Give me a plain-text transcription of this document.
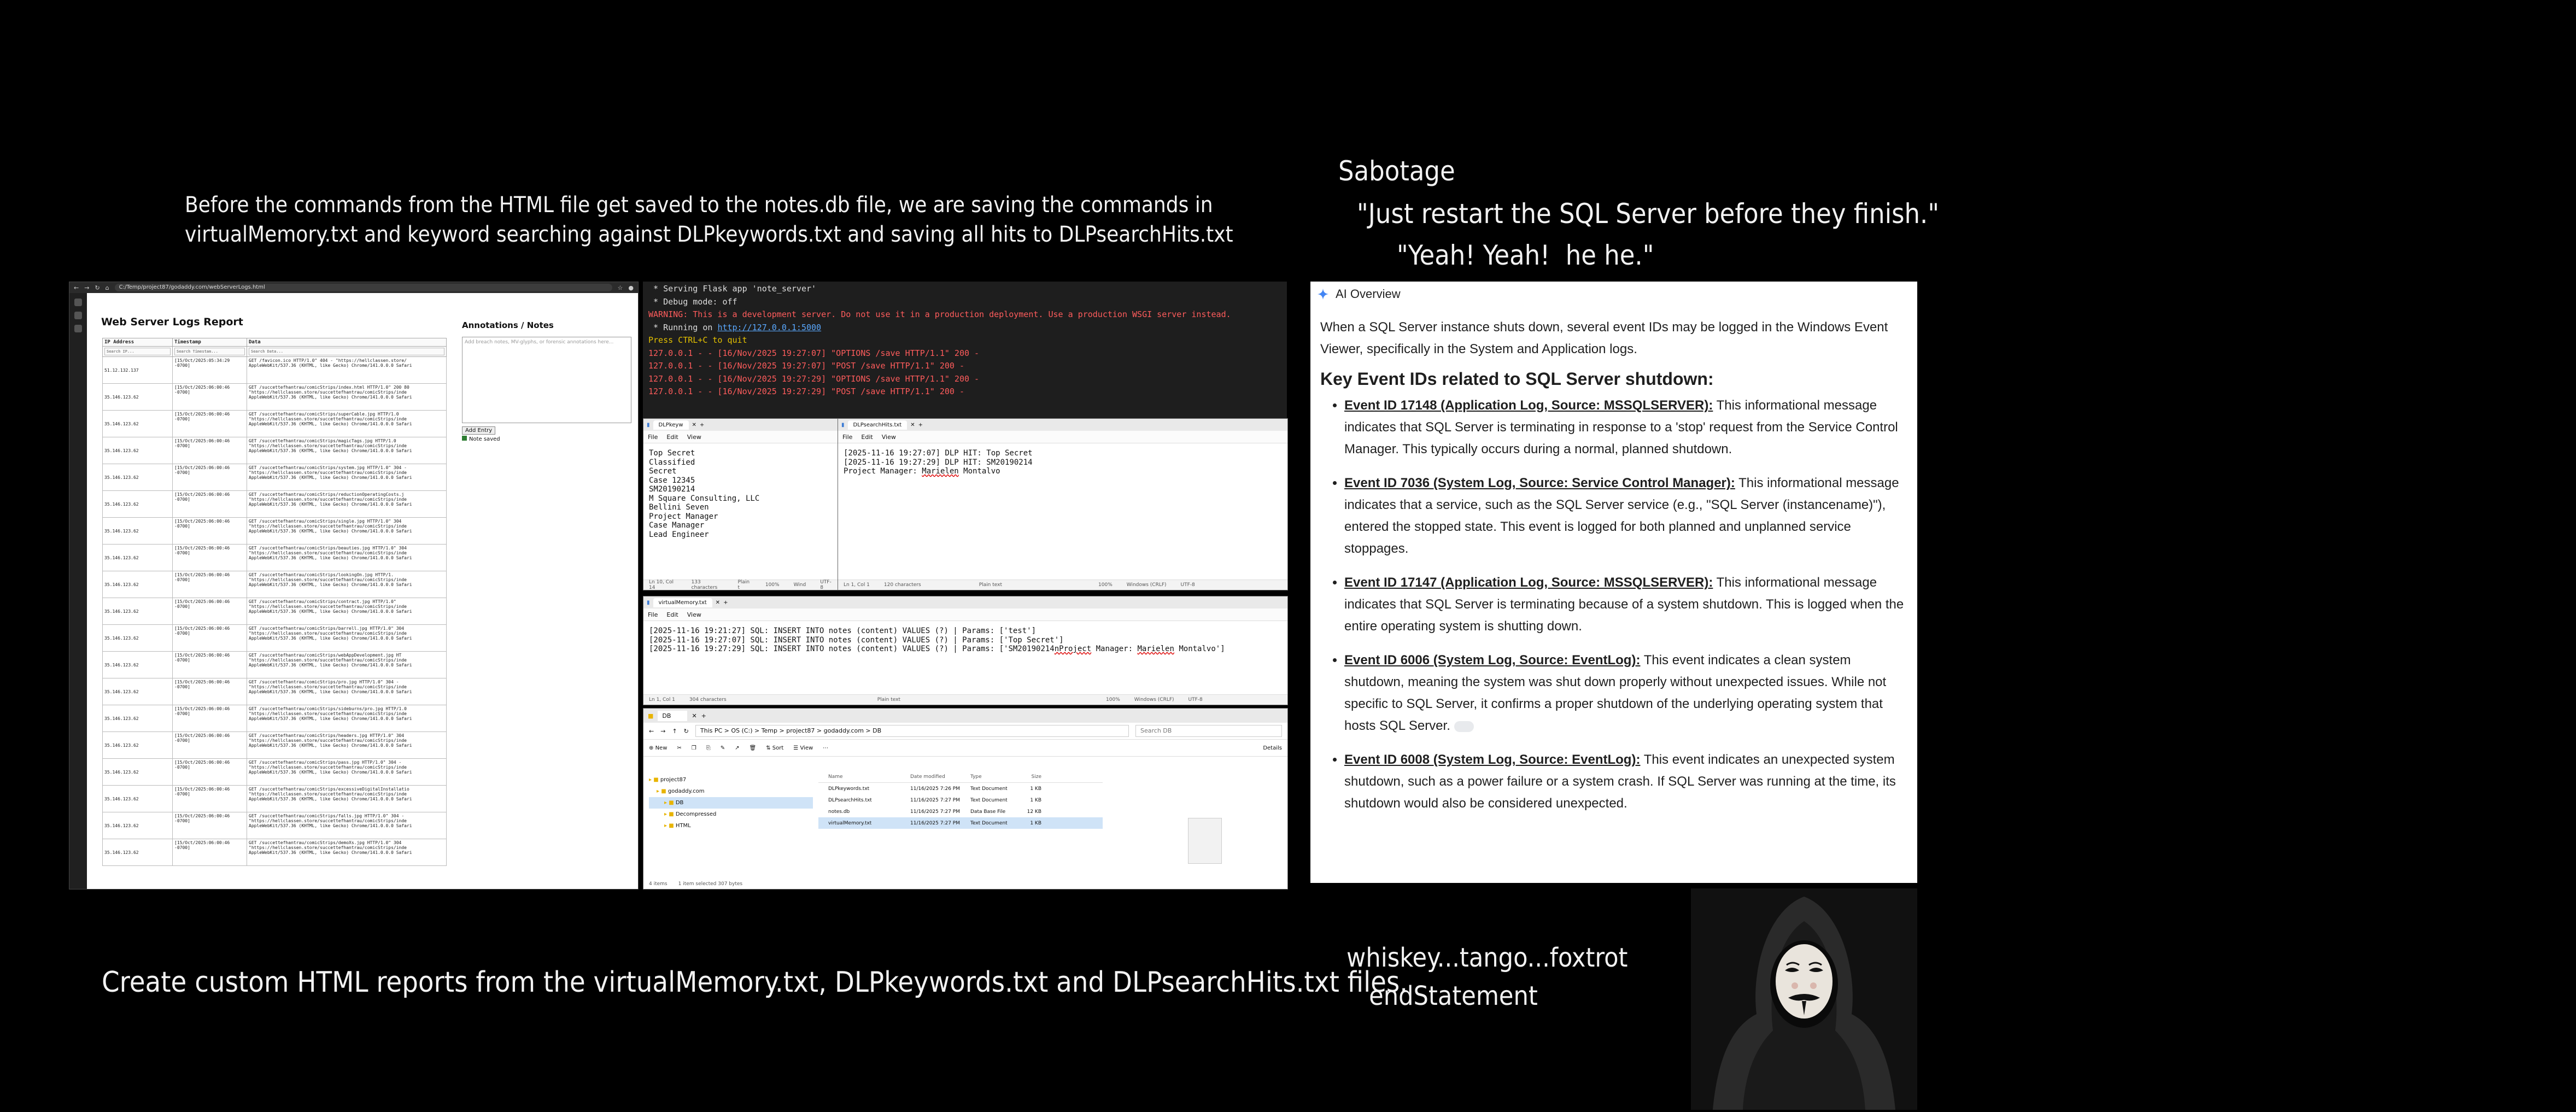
Before the commands from the HTML file get saved to the notes.db file, we are saving the commands in
virtualMemory.txt and keyword searching against DLPkeywords.txt and saving all hits to DLPsearchHits.txt
Create custom HTML reports from the virtualMemory.txt, DLPkeywords.txt and DLPsearchHits.txt files.
Sabotage
"Just restart the SQL Server before they finish."
"Yeah! Yeah!  he he."
whiskey...tango...foxtrot
endStatement
← → ↻ ⌂	C:/Temp/project87/godaddy.com/webServerLogs.html	☆ ●
Web Server Logs Report
IP Address	Timestamp	Data

Search IP...	Search Timestam...	Search Data...

51.12.132.137	[15/Oct/2025:05:34:29 -0700]	GET /favicon.ico HTTP/1.0" 404 - "https://hellclassen.store/ AppleWebKit/537.36 (KHTML, like Gecko) Chrome/141.0.0.0 Safari
35.146.123.62	[15/Oct/2025:06:00:46 -0700]	GET /succettefhantrau/comicStrips/index.html HTTP/1.0" 200 80 "https://hellclassen.store/succettefhantrau/comicStrips/inde AppleWebKit/537.36 (KHTML, like Gecko) Chrome/141.0.0.0 Safari
35.146.123.62	[15/Oct/2025:06:00:46 -0700]	GET /succettefhantrau/comicStrips/superCable.jpg HTTP/1.0 "https://hellclassen.store/succettefhantrau/comicStrips/inde AppleWebKit/537.36 (KHTML, like Gecko) Chrome/141.0.0.0 Safari
35.146.123.62	[15/Oct/2025:06:00:46 -0700]	GET /succettefhantrau/comicStrips/magicTags.jpg HTTP/1.0 "https://hellclassen.store/succettefhantrau/comicStrips/inde AppleWebKit/537.36 (KHTML, like Gecko) Chrome/141.0.0.0 Safari
35.146.123.62	[15/Oct/2025:06:00:46 -0700]	GET /succettefhantrau/comicStrips/system.jpg HTTP/1.0" 304 - "https://hellclassen.store/succettefhantrau/comicStrips/inde AppleWebKit/537.36 (KHTML, like Gecko) Chrome/141.0.0.0 Safari
35.146.123.62	[15/Oct/2025:06:00:46 -0700]	GET /succettefhantrau/comicStrips/reductionOperatingCosts.j "https://hellclassen.store/succettefhantrau/comicStrips/inde AppleWebKit/537.36 (KHTML, like Gecko) Chrome/141.0.0.0 Safari
35.146.123.62	[15/Oct/2025:06:00:46 -0700]	GET /succettefhantrau/comicStrips/single.jpg HTTP/1.0" 304 "https://hellclassen.store/succettefhantrau/comicStrips/inde AppleWebKit/537.36 (KHTML, like Gecko) Chrome/141.0.0.0 Safari
35.146.123.62	[15/Oct/2025:06:00:46 -0700]	GET /succettefhantrau/comicStrips/beauties.jpg HTTP/1.0" 304 "https://hellclassen.store/succettefhantrau/comicStrips/inde AppleWebKit/537.36 (KHTML, like Gecko) Chrome/141.0.0.0 Safari
35.146.123.62	[15/Oct/2025:06:00:46 -0700]	GET /succettefhantrau/comicStrips/lookingOn.jpg HTTP/1. "https://hellclassen.store/succettefhantrau/comicStrips/inde AppleWebKit/537.36 (KHTML, like Gecko) Chrome/141.0.0.0 Safari
35.146.123.62	[15/Oct/2025:06:00:46 -0700]	GET /succettefhantrau/comicStrips/contract.jpg HTTP/1.0" "https://hellclassen.store/succettefhantrau/comicStrips/inde AppleWebKit/537.36 (KHTML, like Gecko) Chrome/141.0.0.0 Safari
35.146.123.62	[15/Oct/2025:06:00:46 -0700]	GET /succettefhantrau/comicStrips/barrell.jpg HTTP/1.0" 304 "https://hellclassen.store/succettefhantrau/comicStrips/inde AppleWebKit/537.36 (KHTML, like Gecko) Chrome/141.0.0.0 Safari
35.146.123.62	[15/Oct/2025:06:00:46 -0700]	GET /succettefhantrau/comicStrips/webAppDevelopment.jpg HT "https://hellclassen.store/succettefhantrau/comicStrips/inde AppleWebKit/537.36 (KHTML, like Gecko) Chrome/141.0.0.0 Safari
35.146.123.62	[15/Oct/2025:06:00:46 -0700]	GET /succettefhantrau/comicStrips/pro.jpg HTTP/1.0" 304 - "https://hellclassen.store/succettefhantrau/comicStrips/inde AppleWebKit/537.36 (KHTML, like Gecko) Chrome/141.0.0.0 Safari
35.146.123.62	[15/Oct/2025:06:00:46 -0700]	GET /succettefhantrau/comicStrips/sideburns/pro.jpg HTTP/1.0 "https://hellclassen.store/succettefhantrau/comicStrips/inde AppleWebKit/537.36 (KHTML, like Gecko) Chrome/141.0.0.0 Safari
35.146.123.62	[15/Oct/2025:06:00:46 -0700]	GET /succettefhantrau/comicStrips/headers.jpg HTTP/1.0" 304 "https://hellclassen.store/succettefhantrau/comicStrips/inde AppleWebKit/537.36 (KHTML, like Gecko) Chrome/141.0.0.0 Safari
35.146.123.62	[15/Oct/2025:06:00:46 -0700]	GET /succettefhantrau/comicStrips/pass.jpg HTTP/1.0" 304 - "https://hellclassen.store/succettefhantrau/comicStrips/inde AppleWebKit/537.36 (KHTML, like Gecko) Chrome/141.0.0.0 Safari
35.146.123.62	[15/Oct/2025:06:00:46 -0700]	GET /succettefhantrau/comicStrips/excessiveDigitalInstallatio "https://hellclassen.store/succettefhantrau/comicStrips/inde AppleWebKit/537.36 (KHTML, like Gecko) Chrome/141.0.0.0 Safari
35.146.123.62	[15/Oct/2025:06:00:46 -0700]	GET /succettefhantrau/comicStrips/falls.jpg HTTP/1.0" 304 - "https://hellclassen.store/succettefhantrau/comicStrips/inde AppleWebKit/537.36 (KHTML, like Gecko) Chrome/141.0.0.0 Safari
35.146.123.62	[15/Oct/2025:06:00:46 -0700]	GET /succettefhantrau/comicStrips/demoXs.jpg HTTP/1.0" 304 "https://hellclassen.store/succettefhantrau/comicStrips/inde AppleWebKit/537.36 (KHTML, like Gecko) Chrome/141.0.0.0 Safari
Annotations / Notes
Add breach notes, MV-glyphs, or forensic annotations here...
Add Entry
Note saved
* Serving Flask app 'note_server'
* Debug mode: off
WARNING: This is a development server. Do not use it in a production deployment. Use a production WSGI server instead.
* Running on http://127.0.0.1:5000
Press CTRL+C to quit
127.0.0.1 - - [16/Nov/2025 19:27:07] "OPTIONS /save HTTP/1.1" 200 -
127.0.0.1 - - [16/Nov/2025 19:27:07] "POST /save HTTP/1.1" 200 -
127.0.0.1 - - [16/Nov/2025 19:27:29] "OPTIONS /save HTTP/1.1" 200 -
127.0.0.1 - - [16/Nov/2025 19:27:29] "POST /save HTTP/1.1" 200 -
▮	DLPkeyw	✕ +
File Edit View
Top Secret
Classified
Secret
Case 12345
SM20190214
M Square Consulting, LLC
Bellini Seven
Project Manager
Case Manager
Lead Engineer
Ln 10, Col 14
133 characters
Plain t	100%	Wind	UTF-8
▮	DLPsearchHits.txt	✕ +
File Edit View
[2025-11-16 19:27:07] DLP HIT: Top Secret
[2025-11-16 19:27:29] DLP HIT: SM20190214
Project Manager: Marielen Montalvo
Ln 1, Col 1	120 characters	Plain text	100%	Windows (CRLF)	UTF-8
▮	virtualMemory.txt	✕ +
File Edit View
[2025-11-16 19:21:27] SQL: INSERT INTO notes (content) VALUES (?) | Params: ['test']
[2025-11-16 19:27:07] SQL: INSERT INTO notes (content) VALUES (?) | Params: ['Top Secret']
[2025-11-16 19:27:29] SQL: INSERT INTO notes (content) VALUES (?) | Params: ['SM20190214nProject Manager: Marielen Montalvo']
Ln 1, Col 1	304 characters	Plain text	100%	Windows (CRLF)	UTF-8
■	DB	✕ +
← → ↑ ↻	This PC > OS (C:) > Temp > project87 > godaddy.com > DB	Search DB
⊕ New ✂ ❐ ⎘ ✎ ↗ 🗑 ⇅ Sort ☰ View ⋯	Details
▸ ■ project87
▸ ■ godaddy.com
▸ ■ DB
▸ ■ Decompressed
▸ ■ HTML
Name	Date modified	Type	Size
DLPkeywords.txt	11/16/2025 7:26 PM	Text Document	1 KB
DLPsearchHits.txt	11/16/2025 7:27 PM	Text Document	1 KB
notes.db	11/16/2025 7:27 PM	Data Base File	12 KB
virtualMemory.txt	11/16/2025 7:27 PM	Text Document	1 KB
4 items 1 item selected 307 bytes
AI Overview

When a SQL Server instance shuts down, several event IDs may be logged in the Windows Event Viewer, specifically in the System and Application logs.

Key Event IDs related to SQL Server shutdown:
• Event ID 17148 (Application Log, Source: MSSQLSERVER): This informational message indicates that SQL Server is terminating in response to a 'stop' request from the Service Control Manager. This typically occurs during a normal, planned shutdown.
• Event ID 7036 (System Log, Source: Service Control Manager): This informational message indicates that a service, such as the SQL Server service (e.g., "SQL Server (instancename)"), entered the stopped state. This event is logged for both planned and unplanned service stoppages.
• Event ID 17147 (Application Log, Source: MSSQLSERVER): This informational message indicates that SQL Server is terminating because of a system shutdown. This is logged when the entire operating system is shutting down.
• Event ID 6006 (System Log, Source: EventLog): This event indicates a clean system shutdown, meaning the system was shut down properly without unexpected issues. While not specific to SQL Server, it confirms a proper shutdown of the underlying operating system that hosts SQL Server.
• Event ID 6008 (System Log, Source: EventLog): This event indicates an unexpected system shutdown, such as a power failure or a system crash. If SQL Server was running at the time, its shutdown would also be considered unexpected.
